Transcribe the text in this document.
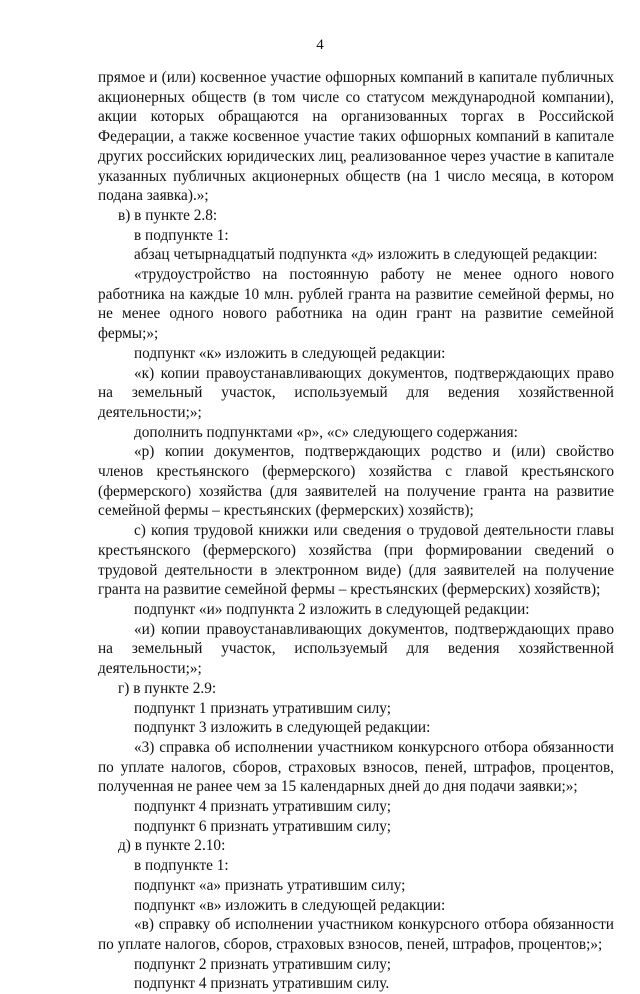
4

прямое и (или) косвенное участие офшорных компаний в капитале публичных акционерных обществ (в том числе со статусом международной компании), акции которых обращаются на организованных торгах в Российской Федерации, а также косвенное участие таких офшорных компаний в капитале других российских юридических лиц, реализованное через участие в капитале указанных публичных акционерных обществ (на 1 число месяца, в котором подана заявка).»;

в) в пункте 2.8:

в подпункте 1:

абзац четырнадцатый подпункта «д» изложить в следующей редакции:

«трудоустройство на постоянную работу не менее одного нового работника на каждые 10 млн. рублей гранта на развитие семейной фермы, но не менее одного нового работника на один грант на развитие семейной фермы;»;

подпункт «к» изложить в следующей редакции:

«к) копии правоустанавливающих документов, подтверждающих право на земельный участок, используемый для ведения хозяйственной деятельности;»;

дополнить подпунктами «р», «с» следующего содержания:

«р) копии документов, подтверждающих родство и (или) свойство членов крестьянского (фермерского) хозяйства с главой крестьянского (фермерского) хозяйства (для заявителей на получение гранта на развитие семейной фермы – крестьянских (фермерских) хозяйств);

с) копия трудовой книжки или сведения о трудовой деятельности главы крестьянского (фермерского) хозяйства (при формировании сведений о трудовой деятельности в электронном виде) (для заявителей на получение гранта на развитие семейной фермы – крестьянских (фермерских) хозяйств);

подпункт «и» подпункта 2 изложить в следующей редакции:

«и) копии правоустанавливающих документов, подтверждающих право на земельный участок, используемый для ведения хозяйственной деятельности;»;

г) в пункте 2.9:

подпункт 1 признать утратившим силу;

подпункт 3 изложить в следующей редакции:

«3) справка об исполнении участником конкурсного отбора обязанности по уплате налогов, сборов, страховых взносов, пеней, штрафов, процентов, полученная не ранее чем за 15 календарных дней до дня подачи заявки;»;

подпункт 4 признать утратившим силу;

подпункт 6 признать утратившим силу;

д) в пункте 2.10:

в подпункте 1:

подпункт «а» признать утратившим силу;

подпункт «в» изложить в следующей редакции:

«в) справку об исполнении участником конкурсного отбора обязанности по уплате налогов, сборов, страховых взносов, пеней, штрафов, процентов;»;

подпункт 2 признать утратившим силу;

подпункт 4 признать утратившим силу.
